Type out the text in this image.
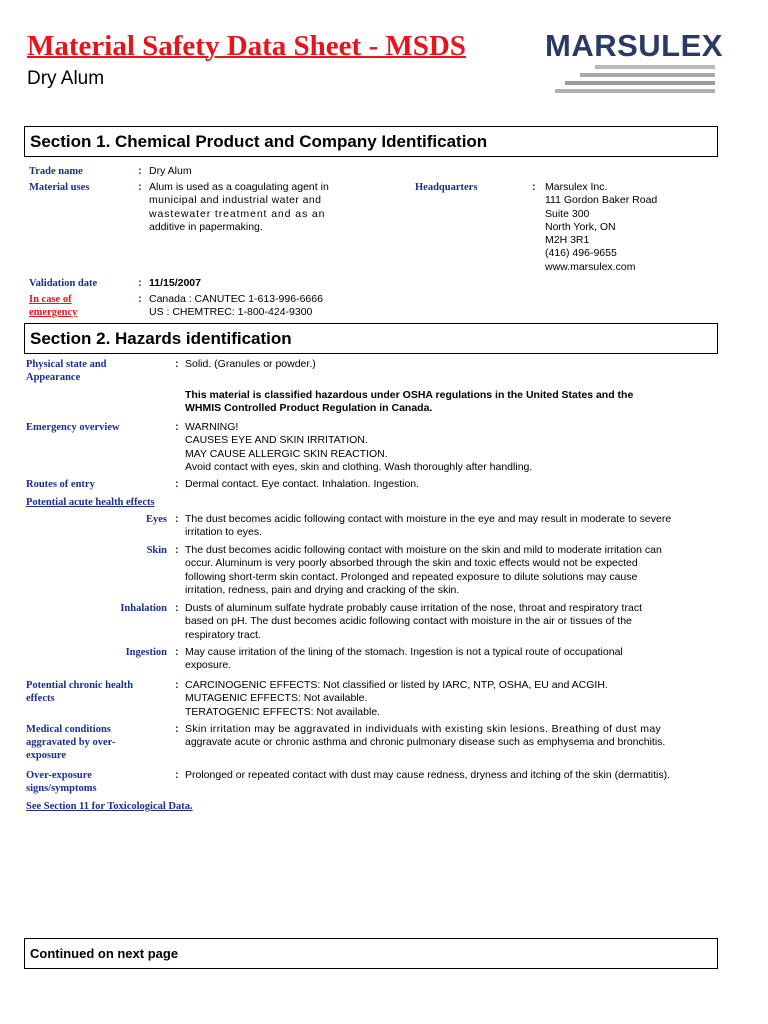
Material Safety Data Sheet - MSDS
Dry Alum
MARSULEX
Section 1. Chemical Product and Company Identification
Trade name	: Dry Alum
Material uses	: Alum is used as a coagulating agent in
municipal and industrial water and
wastewater treatment and as an
additive in papermaking.
Headquarters	: Marsulex Inc.
111 Gordon Baker Road
Suite 300
North York, ON
M2H 3R1
(416) 496-9655
www.marsulex.com
Validation date	: 11/15/2007
In case of
emergency
: Canada : CANUTEC 1-613-996-6666
US : CHEMTREC: 1-800-424-9300
Section 2. Hazards identification
Physical state and
Appearance
: Solid. (Granules or powder.)
This material is classified hazardous under OSHA regulations in the United States and the
WHMIS Controlled Product Regulation in Canada.
Emergency overview	: WARNING!
CAUSES EYE AND SKIN IRRITATION.
MAY CAUSE ALLERGIC SKIN REACTION.
Avoid contact with eyes, skin and clothing. Wash thoroughly after handling.
Routes of entry	: Dermal contact. Eye contact. Inhalation. Ingestion.
Potential acute health effects
Eyes : The dust becomes acidic following contact with moisture in the eye and may result in moderate to severe
irritation to eyes.
Skin : The dust becomes acidic following contact with moisture on the skin and mild to moderate irritation can
occur. Aluminum is very poorly absorbed through the skin and toxic effects would not be expected
following short-term skin contact. Prolonged and repeated exposure to dilute solutions may cause
irritation, redness, pain and drying and cracking of the skin.
Inhalation : Dusts of aluminum sulfate hydrate probably cause irritation of the nose, throat and respiratory tract
based on pH. The dust becomes acidic following contact with moisture in the air or tissues of the
respiratory tract.
Ingestion : May cause irritation of the lining of the stomach. Ingestion is not a typical route of occupational
exposure.
Potential chronic health
effects
: CARCINOGENIC EFFECTS: Not classified or listed by IARC, NTP, OSHA, EU and ACGIH.
MUTAGENIC EFFECTS: Not available.
TERATOGENIC EFFECTS: Not available.
Medical conditions
aggravated by over-
exposure
: Skin irritation may be aggravated in individuals with existing skin lesions. Breathing of dust may
aggravate acute or chronic asthma and chronic pulmonary disease such as emphysema and bronchitis.
Over-exposure
signs/symptoms
: Prolonged or repeated contact with dust may cause redness, dryness and itching of the skin (dermatitis).
See Section 11 for Toxicological Data.
Continued on next page
